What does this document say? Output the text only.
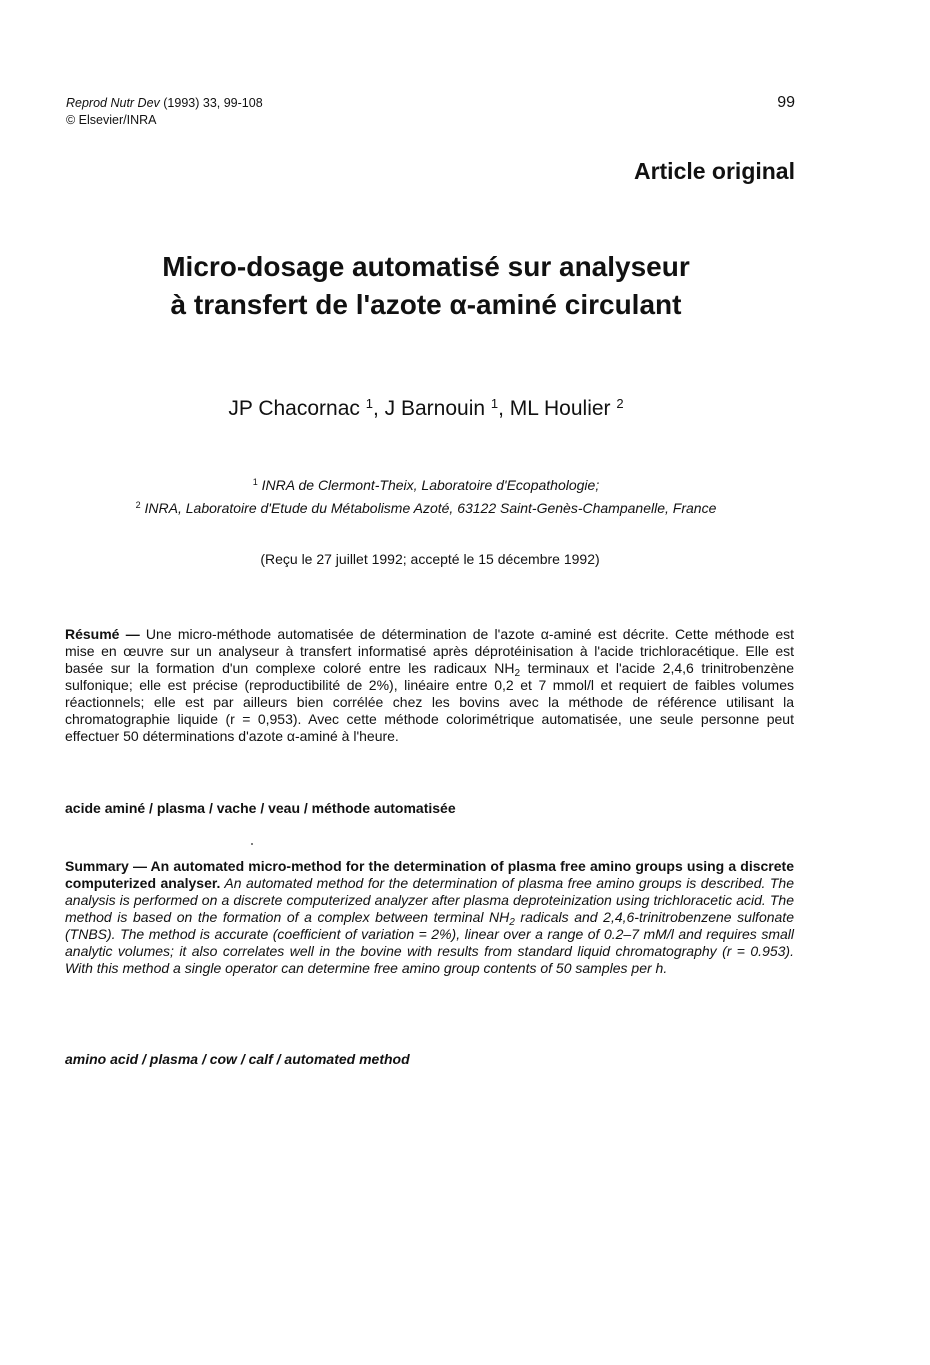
Reprod Nutr Dev (1993) 33, 99-108
© Elsevier/INRA
99
Article original
Micro-dosage automatisé sur analyseur
à transfert de l'azote α-aminé circulant
JP Chacornac $^1$, J Barnouin $^1$, ML Houlier $^2$
$^1$ INRA de Clermont-Theix, Laboratoire d'Ecopathologie;
$^2$ INRA, Laboratoire d'Etude du Métabolisme Azoté, 63122 Saint-Genès-Champanelle, France
(Reçu le 27 juillet 1992; accepté le 15 décembre 1992)
Résumé — Une micro-méthode automatisée de détermination de l'azote α-aminé est décrite. Cette méthode est mise en œuvre sur un analyseur à transfert informatisé après déprotéinisation à l'acide trichloracétique. Elle est basée sur la formation d'un complexe coloré entre les radicaux $NH_2$ terminaux et l'acide 2,4,6 trinitrobenzène sulfonique; elle est précise (reproductibilité de 2%), linéaire entre 0,2 et 7 mmol/l et requiert de faibles volumes réactionnels; elle est par ailleurs bien corrélée chez les bovins avec la méthode de référence utilisant la chromatographie liquide (r = 0,953). Avec cette méthode colorimétrique automatisée, une seule personne peut effectuer 50 déterminations d'azote α-aminé à l'heure.
acide aminé / plasma / vache / veau / méthode automatisée
Summary — An automated micro-method for the determination of plasma free amino groups using a discrete computerized analyser. An automated method for the determination of plasma free amino groups is described. The analysis is performed on a discrete computerized analyzer after plasma deproteinization using trichloracetic acid. The method is based on the formation of a complex between terminal $NH_2$ radicals and 2,4,6-trinitrobenzene sulfonate (TNBS). The method is accurate (coefficient of variation = 2%), linear over a range of 0.2–7 mM/l and requires small analytic volumes; it also correlates well in the bovine with results from standard liquid chromatography (r = 0.953). With this method a single operator can determine free amino group contents of 50 samples per h.
amino acid / plasma / cow / calf / automated method
